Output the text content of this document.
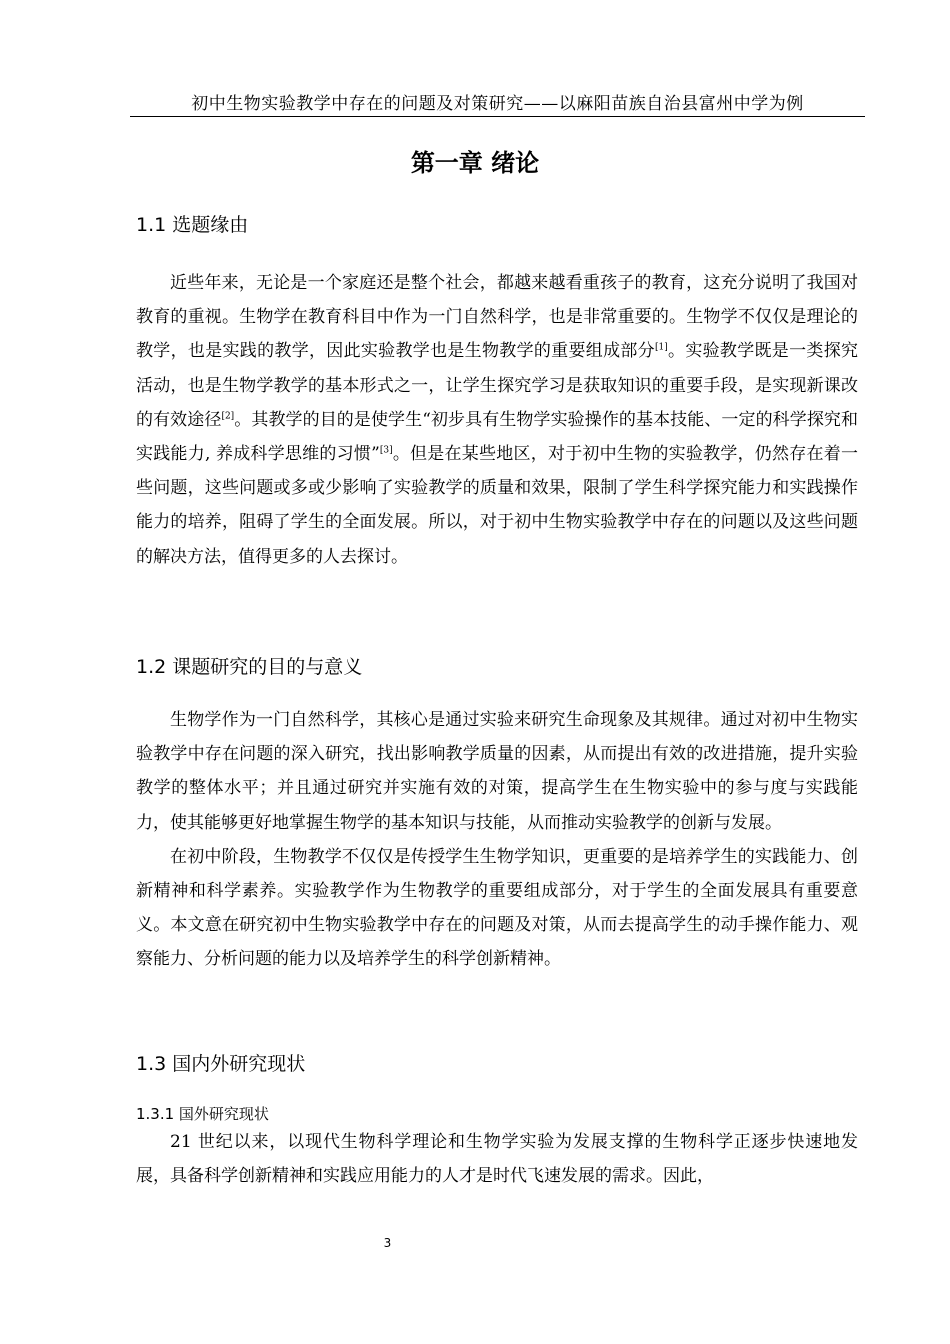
初中生物实验教学中存在的问题及对策研究——以麻阳苗族自治县富州中学为例
第一章 绪论
1.1 选题缘由

近些年来，无论是一个家庭还是整个社会，都越来越看重孩子的教育，这充分说明了我国对教育的重视。生物学在教育科目中作为一门自然科学，也是非常重要的。生物学不仅仅是理论的教学，也是实践的教学，因此实验教学也是生物教学的重要组成部分[1]。实验教学既是一类探究活动，也是生物学教学的基本形式之一，让学生探究学习是获取知识的重要手段，是实现新课改的有效途径[2]。其教学的目的是使学生“初步具有生物学实验操作的基本技能、一定的科学探究和实践能力, 养成科学思维的习惯”[3]。但是在某些地区，对于初中生物的实验教学，仍然存在着一些问题，这些问题或多或少影响了实验教学的质量和效果，限制了学生科学探究能力和实践操作能力的培养，阻碍了学生的全面发展。所以，对于初中生物实验教学中存在的问题以及这些问题的解决方法，值得更多的人去探讨。

1.2 课题研究的目的与意义

生物学作为一门自然科学，其核心是通过实验来研究生命现象及其规律。通过对初中生物实验教学中存在问题的深入研究，找出影响教学质量的因素，从而提出有效的改进措施，提升实验教学的整体水平；并且通过研究并实施有效的对策，提高学生在生物实验中的参与度与实践能力，使其能够更好地掌握生物学的基本知识与技能，从而推动实验教学的创新与发展。

在初中阶段，生物教学不仅仅是传授学生生物学知识，更重要的是培养学生的实践能力、创新精神和科学素养。实验教学作为生物教学的重要组成部分，对于学生的全面发展具有重要意义。本文意在研究初中生物实验教学中存在的问题及对策，从而去提高学生的动手操作能力、观察能力、分析问题的能力以及培养学生的科学创新精神。

1.3 国内外研究现状
1.3.1 国外研究现状

21 世纪以来，以现代生物科学理论和生物学实验为发展支撑的生物科学正逐步快速地发展，具备科学创新精神和实践应用能力的人才是时代飞速发展的需求。因此，

3
